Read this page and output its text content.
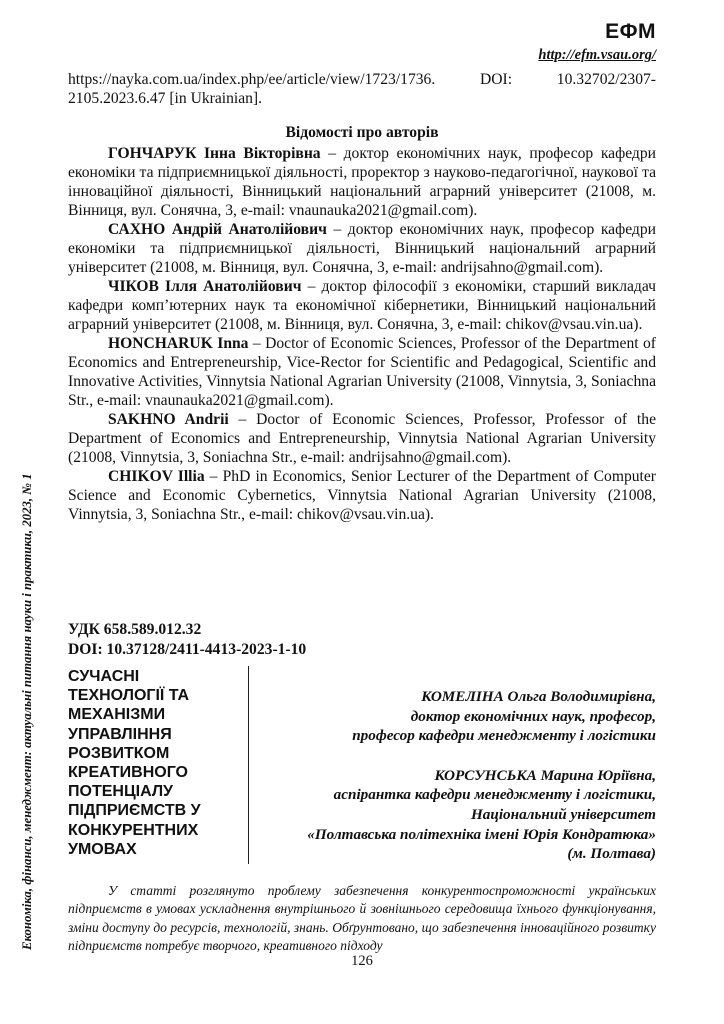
ЕФМ
http://efm.vsau.org/
Економіка, фінанси, менеджмент: актуальні питання науки і практики, 2023, № 1
https://nayka.com.ua/index.php/ee/article/view/1723/1736. DOI: 10.32702/2307-2105.2023.6.47 [in Ukrainian].
Відомості про авторів

ГОНЧАРУК Інна Вікторівна – доктор економічних наук, професор кафедри економіки та підприємницької діяльності, проректор з науково-педагогічної, наукової та інноваційної діяльності, Вінницький національний аграрний університет (21008, м. Вінниця, вул. Сонячна, 3, e-mail: vnaunauka2021@gmail.com).

САХНО Андрій Анатолійович – доктор економічних наук, професор кафедри економіки та підприємницької діяльності, Вінницький національний аграрний університет (21008, м. Вінниця, вул. Сонячна, 3, e-mail: andrijsahno@gmail.com).

ЧІКОВ Ілля Анатолійович – доктор філософії з економіки, старший викладач кафедри комп’ютерних наук та економічної кібернетики, Вінницький національний аграрний університет (21008, м. Вінниця, вул. Сонячна, 3, e-mail: chikov@vsau.vin.ua).

HONCHARUK Inna – Doctor of Economic Sciences, Professor of the Department of Economics and Entrepreneurship, Vice-Rector for Scientific and Pedagogical, Scientific and Innovative Activities, Vinnytsia National Agrarian University (21008, Vinnytsia, 3, Soniachna Str., e-mail: vnaunauka2021@gmail.com).

SAKHNO Andrii – Doctor of Economic Sciences, Professor, Professor of the Department of Economics and Entrepreneurship, Vinnytsia National Agrarian University (21008, Vinnytsia, 3, Soniachna Str., e-mail: andrijsahno@gmail.com).

CHIKOV Illia – PhD in Economics, Senior Lecturer of the Department of Computer Science and Economic Cybernetics, Vinnytsia National Agrarian University (21008, Vinnytsia, 3, Soniachna Str., e-mail: chikov@vsau.vin.ua).

УДК 658.589.012.32
DOI: 10.37128/2411-4413-2023-1-10
СУЧАСНІ
ТЕХНОЛОГІЇ ТА
МЕХАНІЗМИ
УПРАВЛІННЯ
РОЗВИТКОМ
КРЕАТИВНОГО
ПОТЕНЦІАЛУ
ПІДПРИЄМСТВ У
КОНКУРЕНТНИХ
УМОВАХ
КОМЕЛІНА Ольга Володимирівна,
доктор економічних наук, професор,
професор кафедри менеджменту і логістики
КОРСУНСЬКА Марина Юріївна,
аспірантка кафедри менеджменту і логістики,
Національний університет
«Полтавська політехніка імені Юрія Кондратюка»
(м. Полтава)

У статті розглянуто проблему забезпечення конкурентоспроможності українських підприємств в умовах ускладнення внутрішнього й зовнішнього середовища їхнього функціонування, зміни доступу до ресурсів, технологій, знань. Обґрунтовано, що забезпечення інноваційного розвитку підприємств потребує творчого, креативного підходу

126
